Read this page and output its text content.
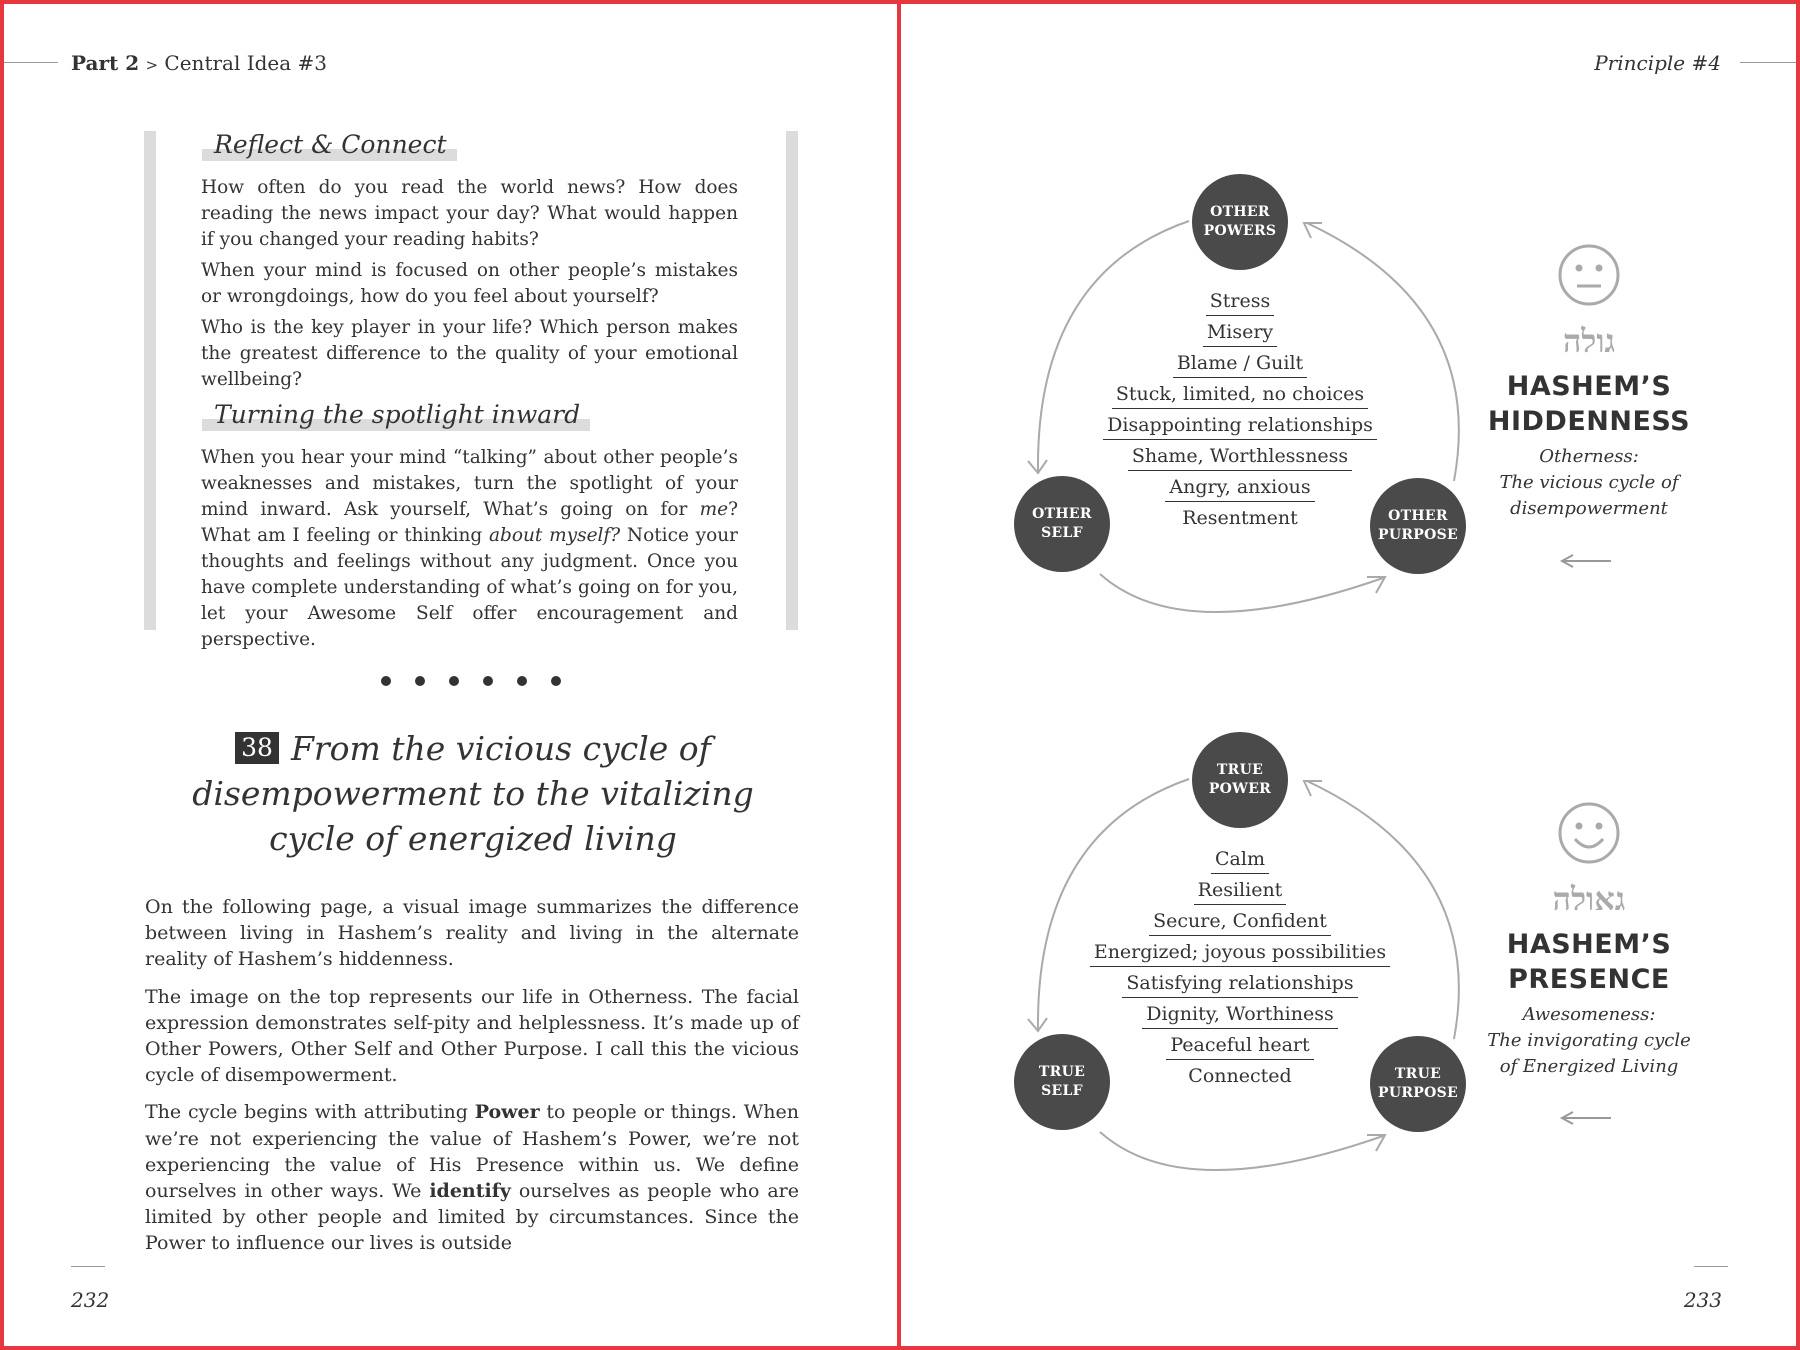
Part 2 > Central Idea #3
Reflect & Connect

How often do you read the world news? How does reading the news impact your day? What would happen if you changed your reading habits?

When your mind is focused on other people’s mistakes or wrongdoings, how do you feel about yourself?

Who is the key player in your life? Which person makes the greatest difference to the quality of your emotional wellbeing?

Turning the spotlight inward

When you hear your mind “talking” about other people’s weaknesses and mistakes, turn the spotlight of your mind inward. Ask yourself, What’s going on for me? What am I feeling or thinking about myself? Notice your thoughts and feelings without any judgment. Once you have complete understanding of what’s going on for you, let your Awesome Self offer encouragement and perspective.

38 From the vicious cycle of disempowerment to the vitalizing cycle of energized living

On the following page, a visual image summarizes the difference between living in Hashem’s reality and living in the alternate reality of Hashem’s hiddenness.

The image on the top represents our life in Otherness. The facial expression demonstrates self-pity and helplessness. It’s made up of Other Powers, Other Self and Other Purpose. I call this the vicious cycle of disempowerment.

The cycle begins with attributing Power to people or things. When we’re not experiencing the value of Hashem’s Power, we’re not experiencing the value of His Presence within us. We define ourselves in other ways. We identify ourselves as people who are limited by other people and limited by circumstances. Since the Power to influence our lives is outside

232
Principle #4
OTHER
POWERS
OTHER
SELF
OTHER
PURPOSE
Stress
Misery
Blame / Guilt
Stuck, limited, no choices
Disappointing relationships
Shame, Worthlessness
Angry, anxious
Resentment
גולה
HASHEM’S
HIDDENNESS
Otherness:
The vicious cycle of
disempowerment
TRUE
POWER
TRUE
SELF
TRUE
PURPOSE
Calm
Resilient
Secure, Confident
Energized; joyous possibilities
Satisfying relationships
Dignity, Worthiness
Peaceful heart
Connected
גאולה
HASHEM’S
PRESENCE
Awesomeness:
The invigorating cycle
of Energized Living
233
